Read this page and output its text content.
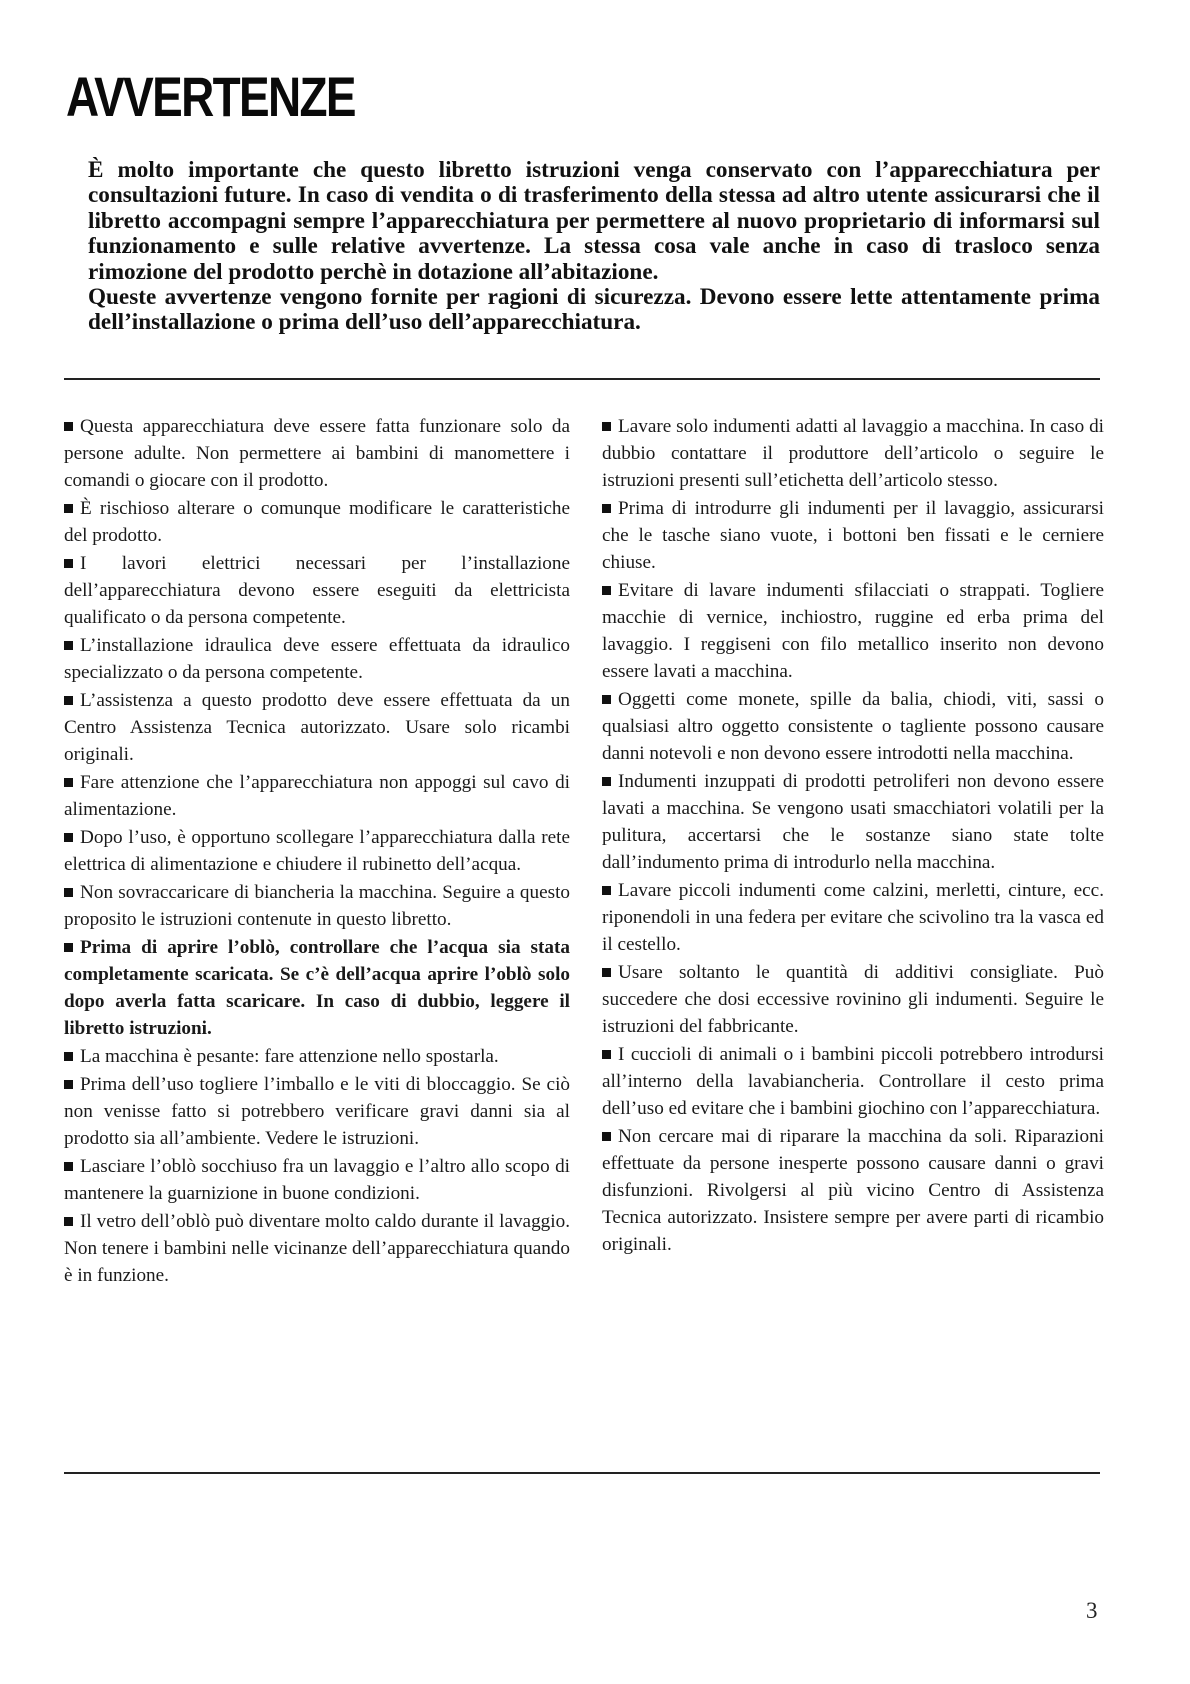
AVVERTENZE

È molto importante che questo libretto istruzioni venga conservato con l’apparecchiatura per consultazioni future. In caso di vendita o di trasferimento della stessa ad altro utente assicurarsi che il libretto accompagni sempre l’apparecchiatura per permettere al nuovo proprietario di informarsi sul funzionamento e sulle relative avvertenze. La stessa cosa vale anche in caso di trasloco senza rimozione del prodotto perchè in dotazione all’abitazione.

Queste avvertenze vengono fornite per ragioni di sicurezza. Devono essere lette attentamente prima dell’installazione o prima dell’uso dell’apparecchiatura.

Questa apparecchiatura deve essere fatta funzionare solo da persone adulte. Non permettere ai bambini di manomettere i comandi o giocare con il prodotto.

È rischioso alterare o comunque modificare le caratteristiche del prodotto.

I lavori elettrici necessari per l’installazione dell’apparecchiatura devono essere eseguiti da elettricista qualificato o da persona competente.

L’installazione idraulica deve essere effettuata da idraulico specializzato o da persona competente.

L’assistenza a questo prodotto deve essere effettuata da un Centro Assistenza Tecnica autorizzato. Usare solo ricambi originali.

Fare attenzione che l’apparecchiatura non appoggi sul cavo di alimentazione.

Dopo l’uso, è opportuno scollegare l’apparecchiatura dalla rete elettrica di alimentazione e chiudere il rubinetto dell’acqua.

Non sovraccaricare di biancheria la macchina. Seguire a questo proposito le istruzioni contenute in questo libretto.

Prima di aprire l’oblò, controllare che l’acqua sia stata completamente scaricata. Se c’è dell’acqua aprire l’oblò solo dopo averla fatta scaricare. In caso di dubbio, leggere il libretto istruzioni.

La macchina è pesante: fare attenzione nello spostarla.

Prima dell’uso togliere l’imballo e le viti di bloccaggio. Se ciò non venisse fatto si potrebbero verificare gravi danni sia al prodotto sia all’ambiente. Vedere le istruzioni.

Lasciare l’oblò socchiuso fra un lavaggio e l’altro allo scopo di mantenere la guarnizione in buone condizioni.

Il vetro dell’oblò può diventare molto caldo durante il lavaggio. Non tenere i bambini nelle vicinanze dell’apparecchiatura quando è in funzione.

Lavare solo indumenti adatti al lavaggio a macchina. In caso di dubbio contattare il produttore dell’articolo o seguire le istruzioni presenti sull’etichetta dell’articolo stesso.

Prima di introdurre gli indumenti per il lavaggio, assicurarsi che le tasche siano vuote, i bottoni ben fissati e le cerniere chiuse.

Evitare di lavare indumenti sfilacciati o strappati. Togliere macchie di vernice, inchiostro, ruggine ed erba prima del lavaggio. I reggiseni con filo metallico inserito non devono essere lavati a macchina.

Oggetti come monete, spille da balia, chiodi, viti, sassi o qualsiasi altro oggetto consistente o tagliente possono causare danni notevoli e non devono essere introdotti nella macchina.

Indumenti inzuppati di prodotti petroliferi non devono essere lavati a macchina. Se vengono usati smacchiatori volatili per la pulitura, accertarsi che le sostanze siano state tolte dall’indumento prima di introdurlo nella macchina.

Lavare piccoli indumenti come calzini, merletti, cinture, ecc. riponendoli in una federa per evitare che scivolino tra la vasca ed il cestello.

Usare soltanto le quantità di additivi consigliate. Può succedere che dosi eccessive rovinino gli indumenti. Seguire le istruzioni del fabbricante.

I cuccioli di animali o i bambini piccoli potrebbero introdursi all’interno della lavabiancheria. Controllare il cesto prima dell’uso ed evitare che i bambini giochino con l’apparecchiatura.

Non cercare mai di riparare la macchina da soli. Riparazioni effettuate da persone inesperte possono causare danni o gravi disfunzioni. Rivolgersi al più vicino Centro di Assistenza Tecnica autorizzato. Insistere sempre per avere parti di ricambio originali.

3
